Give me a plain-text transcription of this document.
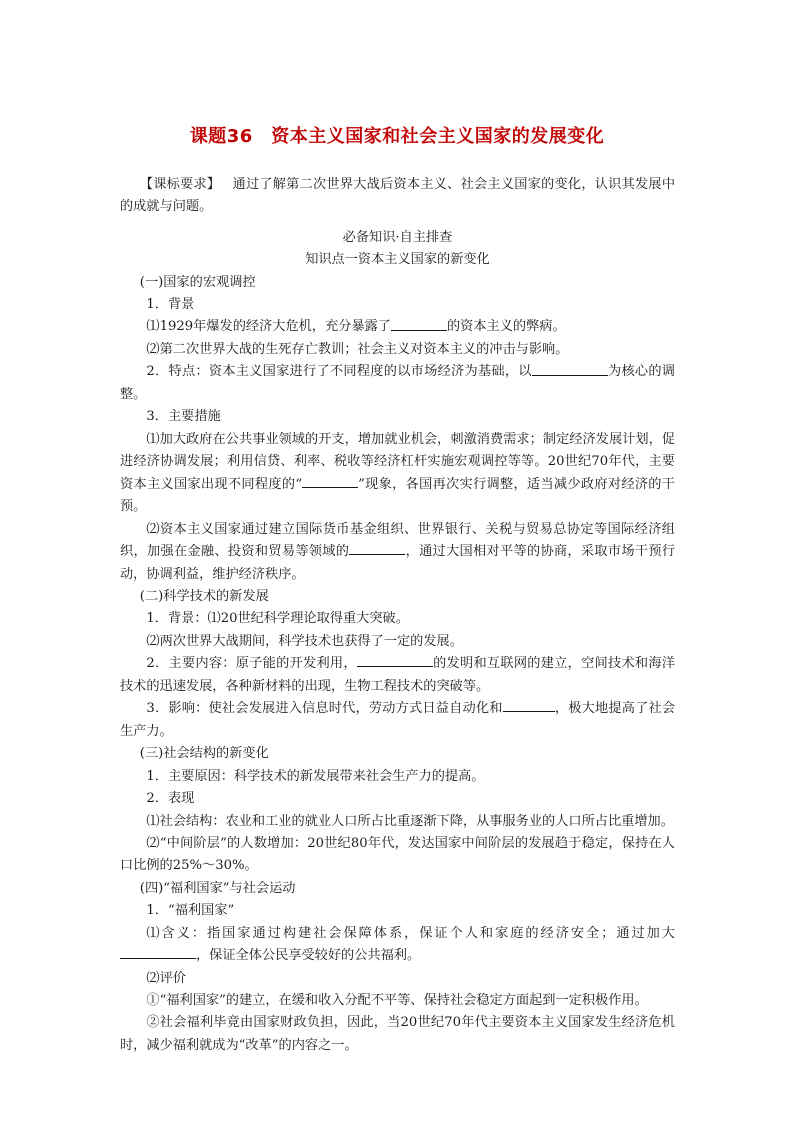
课题36　资本主义国家和社会主义国家的发展变化

【课标要求】 通过了解第二次世界大战后资本主义、社会主义国家的变化，认识其发展中的成就与问题。

必备知识·自主排查

知识点一资本主义国家的新变化

(一)国家的宏观调控

1．背景

⑴1929年爆发的经济大危机，充分暴露了	的资本主义的弊病。

⑵第二次世界大战的生死存亡教训；社会主义对资本主义的冲击与影响。

2．特点：资本主义国家进行了不同程度的以市场经济为基础，以	为核心的调整。

3．主要措施

⑴加大政府在公共事业领域的开支，增加就业机会，刺激消费需求；制定经济发展计划，促进经济协调发展；利用信贷、利率、税收等经济杠杆实施宏观调控等等。20世纪70年代，主要资本主义国家出现不同程度的“	”现象，各国再次实行调整，适当减少政府对经济的干预。

⑵资本主义国家通过建立国际货币基金组织、世界银行、关税与贸易总协定等国际经济组织，加强在金融、投资和贸易等领域的	，通过大国相对平等的协商，采取市场干预行动，协调利益，维护经济秩序。

(二)科学技术的新发展

1．背景：⑴20世纪科学理论取得重大突破。

⑵两次世界大战期间，科学技术也获得了一定的发展。

2．主要内容：原子能的开发利用，	的发明和互联网的建立，空间技术和海洋技术的迅速发展，各种新材料的出现，生物工程技术的突破等。

3．影响：使社会发展进入信息时代，劳动方式日益自动化和	，极大地提高了社会生产力。

(三)社会结构的新变化

1．主要原因：科学技术的新发展带来社会生产力的提高。

2．表现

⑴社会结构：农业和工业的就业人口所占比重逐渐下降，从事服务业的人口所占比重增加。

⑵“中间阶层”的人数增加：20世纪80年代，发达国家中间阶层的发展趋于稳定，保持在人口比例的25%～30%。

(四)“福利国家”与社会运动

1．“福利国家”

⑴含义：指国家通过构建社会保障体系，保证个人和家庭的经济安全；通过加大，保证全体公民享受较好的公共福利。

⑵评价

①“福利国家”的建立，在缓和收入分配不平等、保持社会稳定方面起到一定积极作用。

②社会福利毕竟由国家财政负担，因此，当20世纪70年代主要资本主义国家发生经济危机时，减少福利就成为“改革”的内容之一。
